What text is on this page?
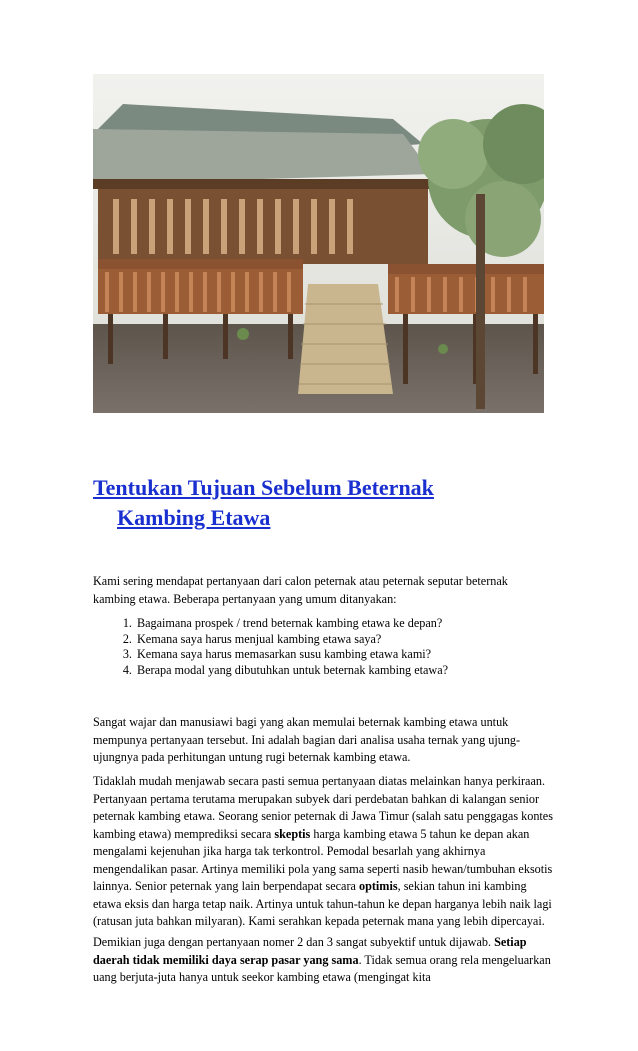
Tentukan Tujuan Sebelum Beternak
Kambing Etawa

Kami sering mendapat pertanyaan dari calon peternak atau peternak seputar beternak kambing etawa. Beberapa pertanyaan yang umum ditanyakan:

1. Bagaimana prospek / trend beternak kambing etawa ke depan?
2. Kemana saya harus menjual kambing etawa saya?
3. Kemana saya harus memasarkan susu kambing etawa kami?
4. Berapa modal yang dibutuhkan untuk beternak kambing etawa?

Sangat wajar dan manusiawi bagi yang akan memulai beternak kambing etawa untuk mempunya pertanyaan tersebut. Ini adalah bagian dari analisa usaha ternak yang ujung-ujungnya pada perhitungan untung rugi beternak kambing etawa.

Tidaklah mudah menjawab secara pasti semua pertanyaan diatas melainkan hanya perkiraan. Pertanyaan pertama terutama merupakan subyek dari perdebatan bahkan di kalangan senior peternak kambing etawa. Seorang senior peternak di Jawa Timur (salah satu penggagas kontes kambing etawa) memprediksi secara skeptis harga kambing etawa 5 tahun ke depan akan mengalami kejenuhan jika harga tak terkontrol. Pemodal besarlah yang akhirnya mengendalikan pasar. Artinya memiliki pola yang sama seperti nasib hewan/tumbuhan eksotis lainnya. Senior peternak yang lain berpendapat secara optimis, sekian tahun ini kambing etawa eksis dan harga tetap naik. Artinya untuk tahun-tahun ke depan harganya lebih naik lagi (ratusan juta bahkan milyaran). Kami serahkan kepada peternak mana yang lebih dipercayai.

Demikian juga dengan pertanyaan nomer 2 dan 3 sangat subyektif untuk dijawab. Setiap daerah tidak memiliki daya serap pasar yang sama. Tidak semua orang rela mengeluarkan uang berjuta-juta hanya untuk seekor kambing etawa (mengingat kita
